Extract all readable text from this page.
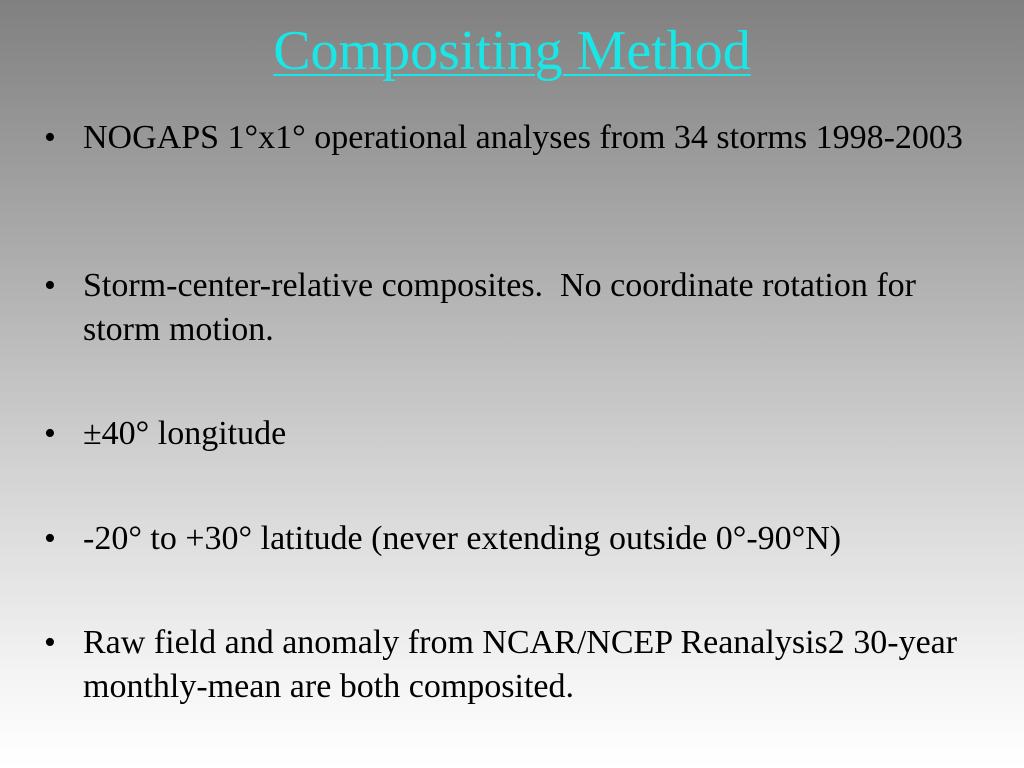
Compositing Method
• NOGAPS 1°x1° operational analyses from 34 storms 1998-2003
• Storm-center-relative composites.  No coordinate rotation for storm motion.
• ±40° longitude
• -20° to +30° latitude (never extending outside 0°-90°N)
• Raw field and anomaly from NCAR/NCEP Reanalysis2 30-year monthly-mean are both composited.
